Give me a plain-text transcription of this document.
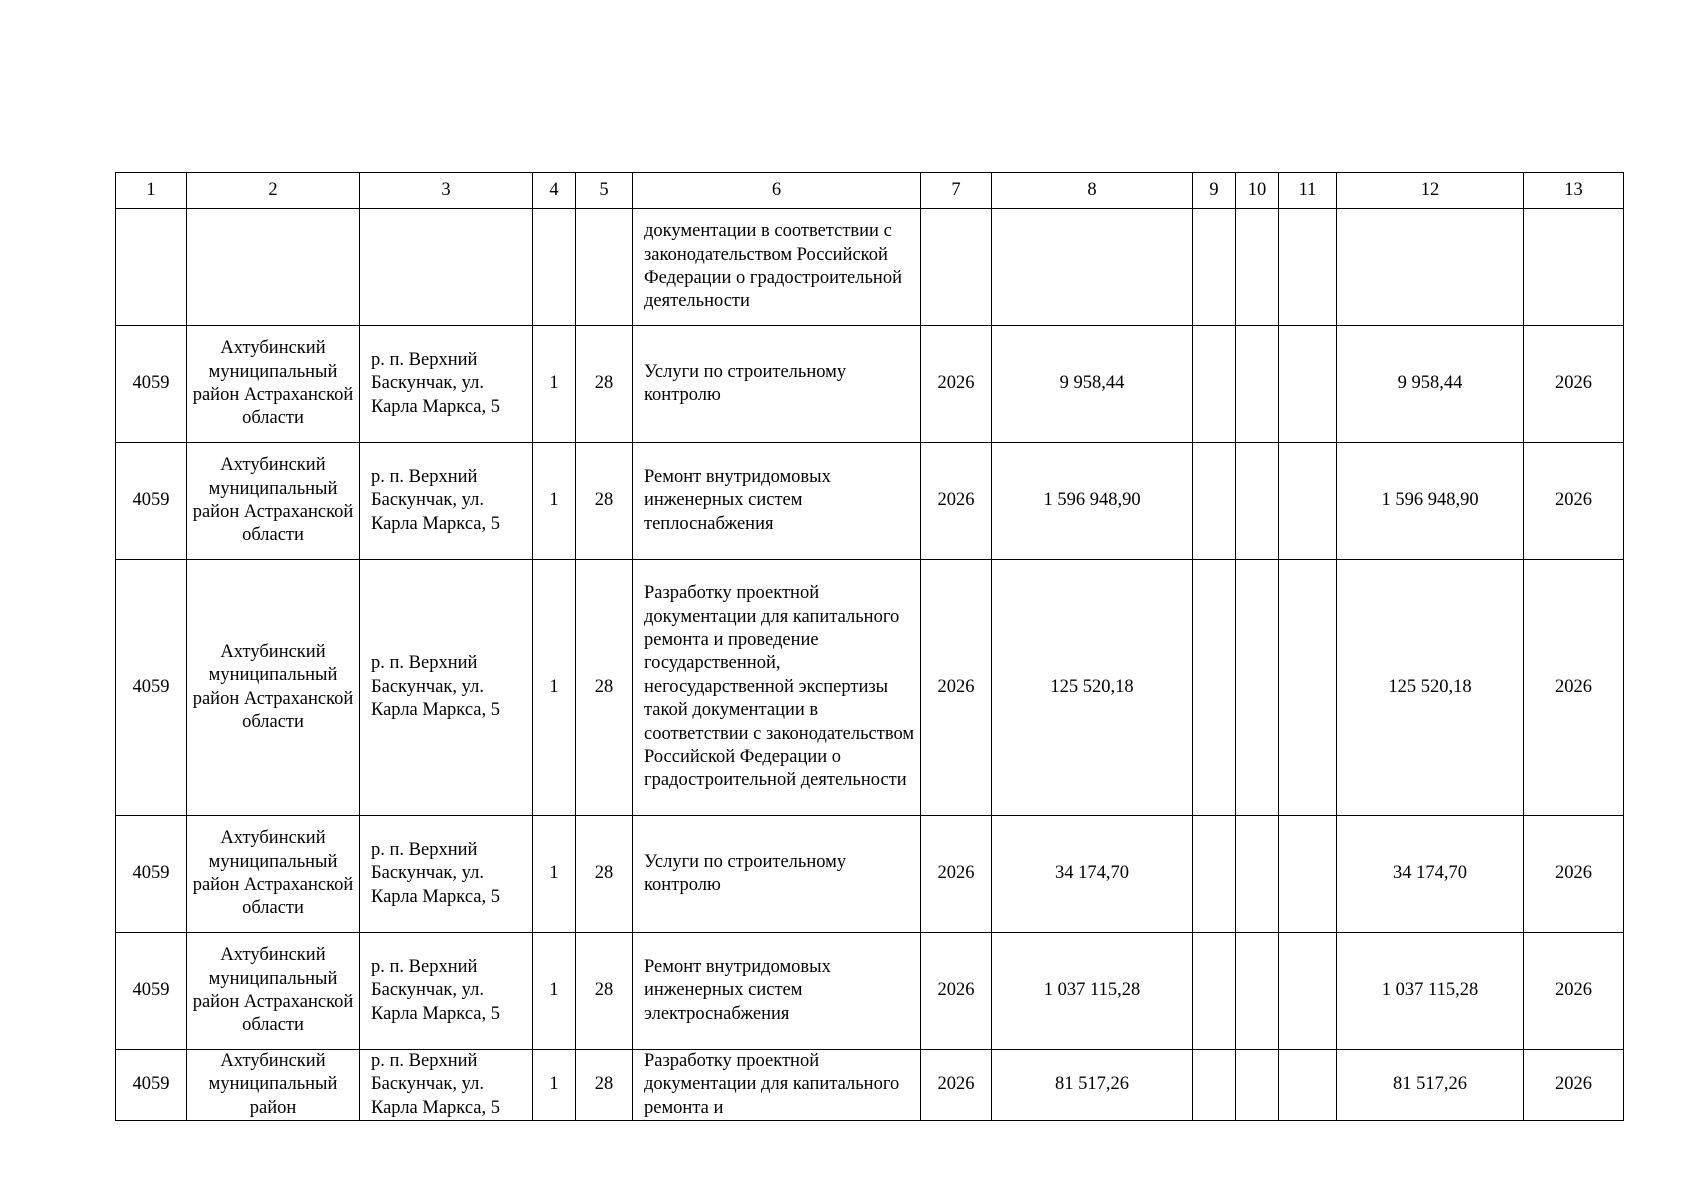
1	2	3	4	5	6	7	8	9	10	11	12	13
					документации в соответствии с законодательством Российской Федерации о градостроительной деятельности							
4059	Ахтубинский муниципальный район Астраханской области	р. п. Верхний Баскунчак, ул. Карла Маркса, 5	1	28	Услуги по строительному контролю	2026	9 958,44				9 958,44	2026
4059	Ахтубинский муниципальный район Астраханской области	р. п. Верхний Баскунчак, ул. Карла Маркса, 5	1	28	Ремонт внутридомовых инженерных систем теплоснабжения	2026	1 596 948,90				1 596 948,90	2026
4059	Ахтубинский муниципальный район Астраханской области	р. п. Верхний Баскунчак, ул. Карла Маркса, 5	1	28	Разработку проектной документации для капитального ремонта и проведение государственной, негосударственной экспертизы такой документации в соответствии с законодательством Российской Федерации о градостроительной деятельности	2026	125 520,18				125 520,18	2026
4059	Ахтубинский муниципальный район Астраханской области	р. п. Верхний Баскунчак, ул. Карла Маркса, 5	1	28	Услуги по строительному контролю	2026	34 174,70				34 174,70	2026
4059	Ахтубинский муниципальный район Астраханской области	р. п. Верхний Баскунчак, ул. Карла Маркса, 5	1	28	Ремонт внутридомовых инженерных систем электроснабжения	2026	1 037 115,28				1 037 115,28	2026
4059	Ахтубинский муниципальный район	р. п. Верхний Баскунчак, ул. Карла Маркса, 5	1	28	Разработку проектной документации для капитального ремонта и	2026	81 517,26				81 517,26	2026
